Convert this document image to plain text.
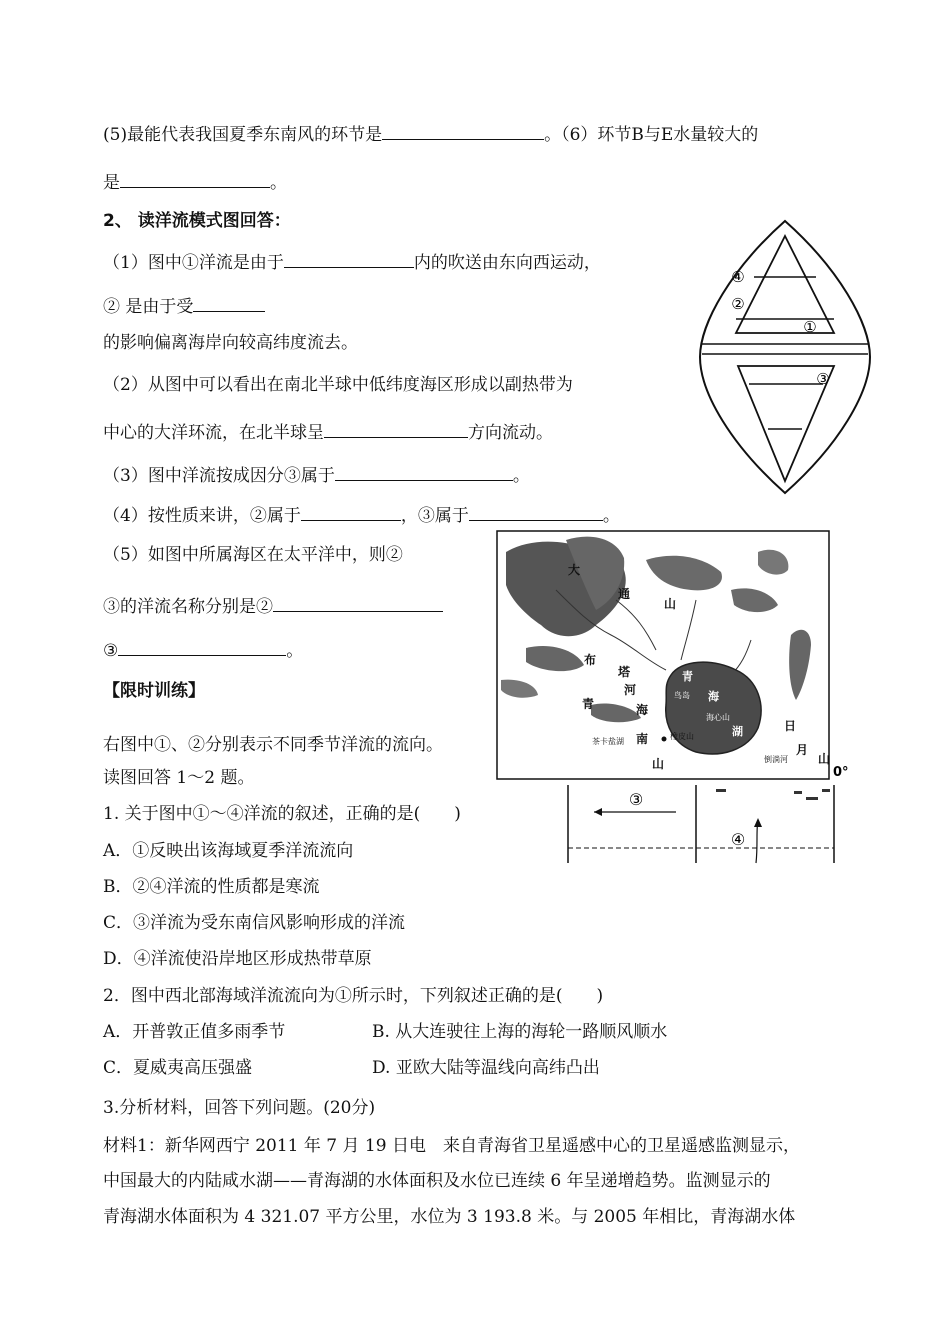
(5)最能代表我国夏季东南风的环节是	。（6）环节B与E水量较大的
是	。
2、 读洋流模式图回答：
（1）图中①洋流是由于	内的吹送由东向西运动，
② 是由于受
的影响偏离海岸向较高纬度流去。
（2）从图中可以看出在南北半球中低纬度海区形成以副热带为
中心的大洋环流，在北半球呈	方向流动。
（3）图中洋流按成因分③属于	。
（4）按性质来讲，②属于	，③属于	。
（5）如图中所属海区在太平洋中，则②
③的洋流名称分别是②
③	。
④
②
①
③
大
通
山
布
塔
河
青
海
鸟岛
海心山
湖
青	海
南
山
橡皮山
茶卡盐湖
日
月
山
倒淌河
0°
③
④
【限时训练】
右图中①、②分别表示不同季节洋流的流向。
读图回答 1～2 题。
1. 关于图中①～④洋流的叙述，正确的是(　　)
A．①反映出该海域夏季洋流流向
B．②④洋流的性质都是寒流
C．③洋流为受东南信风影响形成的洋流
D．④洋流使沿岸地区形成热带草原
2．图中西北部海域洋流流向为①所示时，下列叙述正确的是(　　)
A．开普敦正值多雨季节	B. 从大连驶往上海的海轮一路顺风顺水
C．夏威夷高压强盛	D. 亚欧大陆等温线向高纬凸出
3.分析材料，回答下列问题。(20分)
材料1：新华网西宁 2011 年 7 月 19 日电　来自青海省卫星遥感中心的卫星遥感监测显示，
中国最大的内陆咸水湖——青海湖的水体面积及水位已连续 6 年呈递增趋势。监测显示的
青海湖水体面积为 4 321.07 平方公里，水位为 3 193.8 米。与 2005 年相比，青海湖水体
